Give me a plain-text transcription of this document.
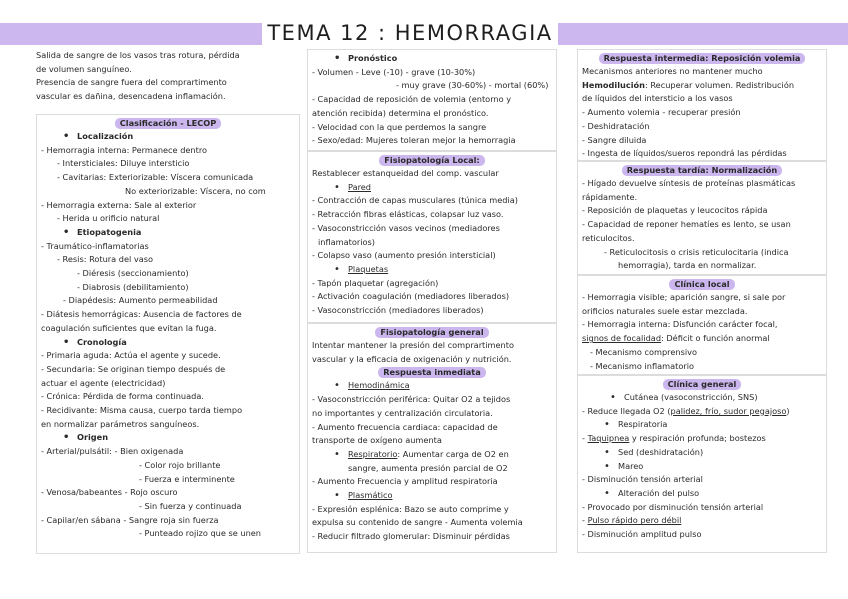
TEMA 12 : HEMORRAGIA
Salida de sangre de los vasos tras rotura, pérdida
de volumen sanguíneo.
Presencia de sangre fuera del comprartimento
vascular es dañina, desencadena inflamación.
Clasificación - LECOP
• Localización
- Hemorragia interna: Permanece dentro
- Intersticiales: Diluye intersticio
- Cavitarias: Exteriorizable: Víscera comunicada
No exteriorizable: Víscera, no com
- Hemorragia externa: Sale al exterior
- Herida u orificio natural
• Etiopatogenia
- Traumático-inflamatorias
- Resis: Rotura del vaso
- Diéresis (seccionamiento)
- Diabrosis (debilitamiento)
- Diapédesis: Aumento permeabilidad
- Diátesis hemorrágicas: Ausencia de factores de
coagulación suficientes que evitan la fuga.
• Cronología
- Primaria aguda: Actúa el agente y sucede.
- Secundaria: Se originan tiempo después de
actuar el agente (electricidad)
- Crónica: Pérdida de forma continuada.
- Recidivante: Misma causa, cuerpo tarda tiempo
en normalizar parámetros sanguíneos.
• Origen
- Arterial/pulsátil: - Bien oxigenada
- Color rojo brillante
- Fuerza e interminente
- Venosa/babeantes - Rojo oscuro
- Sin fuerza y continuada
- Capilar/en sábana - Sangre roja sin fuerza
- Punteado rojizo que se unen
• Pronóstico
- Volumen - Leve (-10) - grave (10-30%)
- muy grave (30-60%) - mortal (60%)
- Capacidad de reposición de volemia (entorno y
atención recibida) determina el pronóstico.
- Velocidad con la que perdemos la sangre
- Sexo/edad: Mujeres toleran mejor la hemorragia
Fisiopatología Local:
Restablecer estanqueidad del comp. vascular
• Pared
- Contracción de capas musculares (túnica media)
- Retracción fibras elásticas, colapsar luz vaso.
- Vasoconstricción vasos vecinos (mediadores
inflamatorios)
- Colapso vaso (aumento presión intersticial)
• Plaquetas
- Tapón plaquetar (agregación)
- Activación coagulación (mediadores liberados)
- Vasoconstricción (mediadores liberados)
Fisiopatología general
Intentar mantener la presión del comprartimento
vascular y la eficacia de oxigenación y nutrición.
Respuesta inmediata
• Hemodinámica
- Vasoconstricción periférica: Quitar O2 a tejidos
no importantes y centralización circulatoria.
- Aumento frecuencia cardiaca: capacidad de
transporte de oxígeno aumenta
• Respiratorio: Aumentar carga de O2 en
sangre, aumenta presión parcial de O2
- Aumento Frecuencia y amplitud respiratoria
• Plasmático
- Expresión esplénica: Bazo se auto comprime y
expulsa su contenido de sangre - Aumenta volemia
- Reducir filtrado glomerular: Disminuir pérdidas
Respuesta intermedia: Reposición volemia
Mecanismos anteriores no mantener mucho
Hemodilución: Recuperar volumen. Redistribución
de líquidos del intersticio a los vasos
- Aumento volemia - recuperar presión
- Deshidratación
- Sangre diluida
- Ingesta de líquidos/sueros repondrá las pérdidas
Respuesta tardía: Normalización
- Hígado devuelve síntesis de proteínas plasmáticas
rápidamente.
- Reposición de plaquetas y leucocitos rápida
- Capacidad de reponer hematíes es lento, se usan
reticulocitos.
- Reticulocitosis o crisis reticulocitaria (indica
hemorragia), tarda en normalizar.
Clínica local
- Hemorragia visible; aparición sangre, si sale por
orificios naturales suele estar mezclada.
- Hemorragia interna: Disfunción carácter focal,
signos de focalidad: Déficit o función anormal
- Mecanismo comprensivo
- Mecanismo inflamatorio
Clínica general
• Cutánea (vasoconstricción, SNS)
- Reduce llegada O2 (palidez, frío, sudor pegajoso)
• Respiratoria
- Taquipnea y respiración profunda; bostezos
• Sed (deshidratación)
• Mareo
- Disminución tensión arterial
• Alteración del pulso
- Provocado por disminución tensión arterial
- Pulso rápido pero débil
- Disminución amplitud pulso
